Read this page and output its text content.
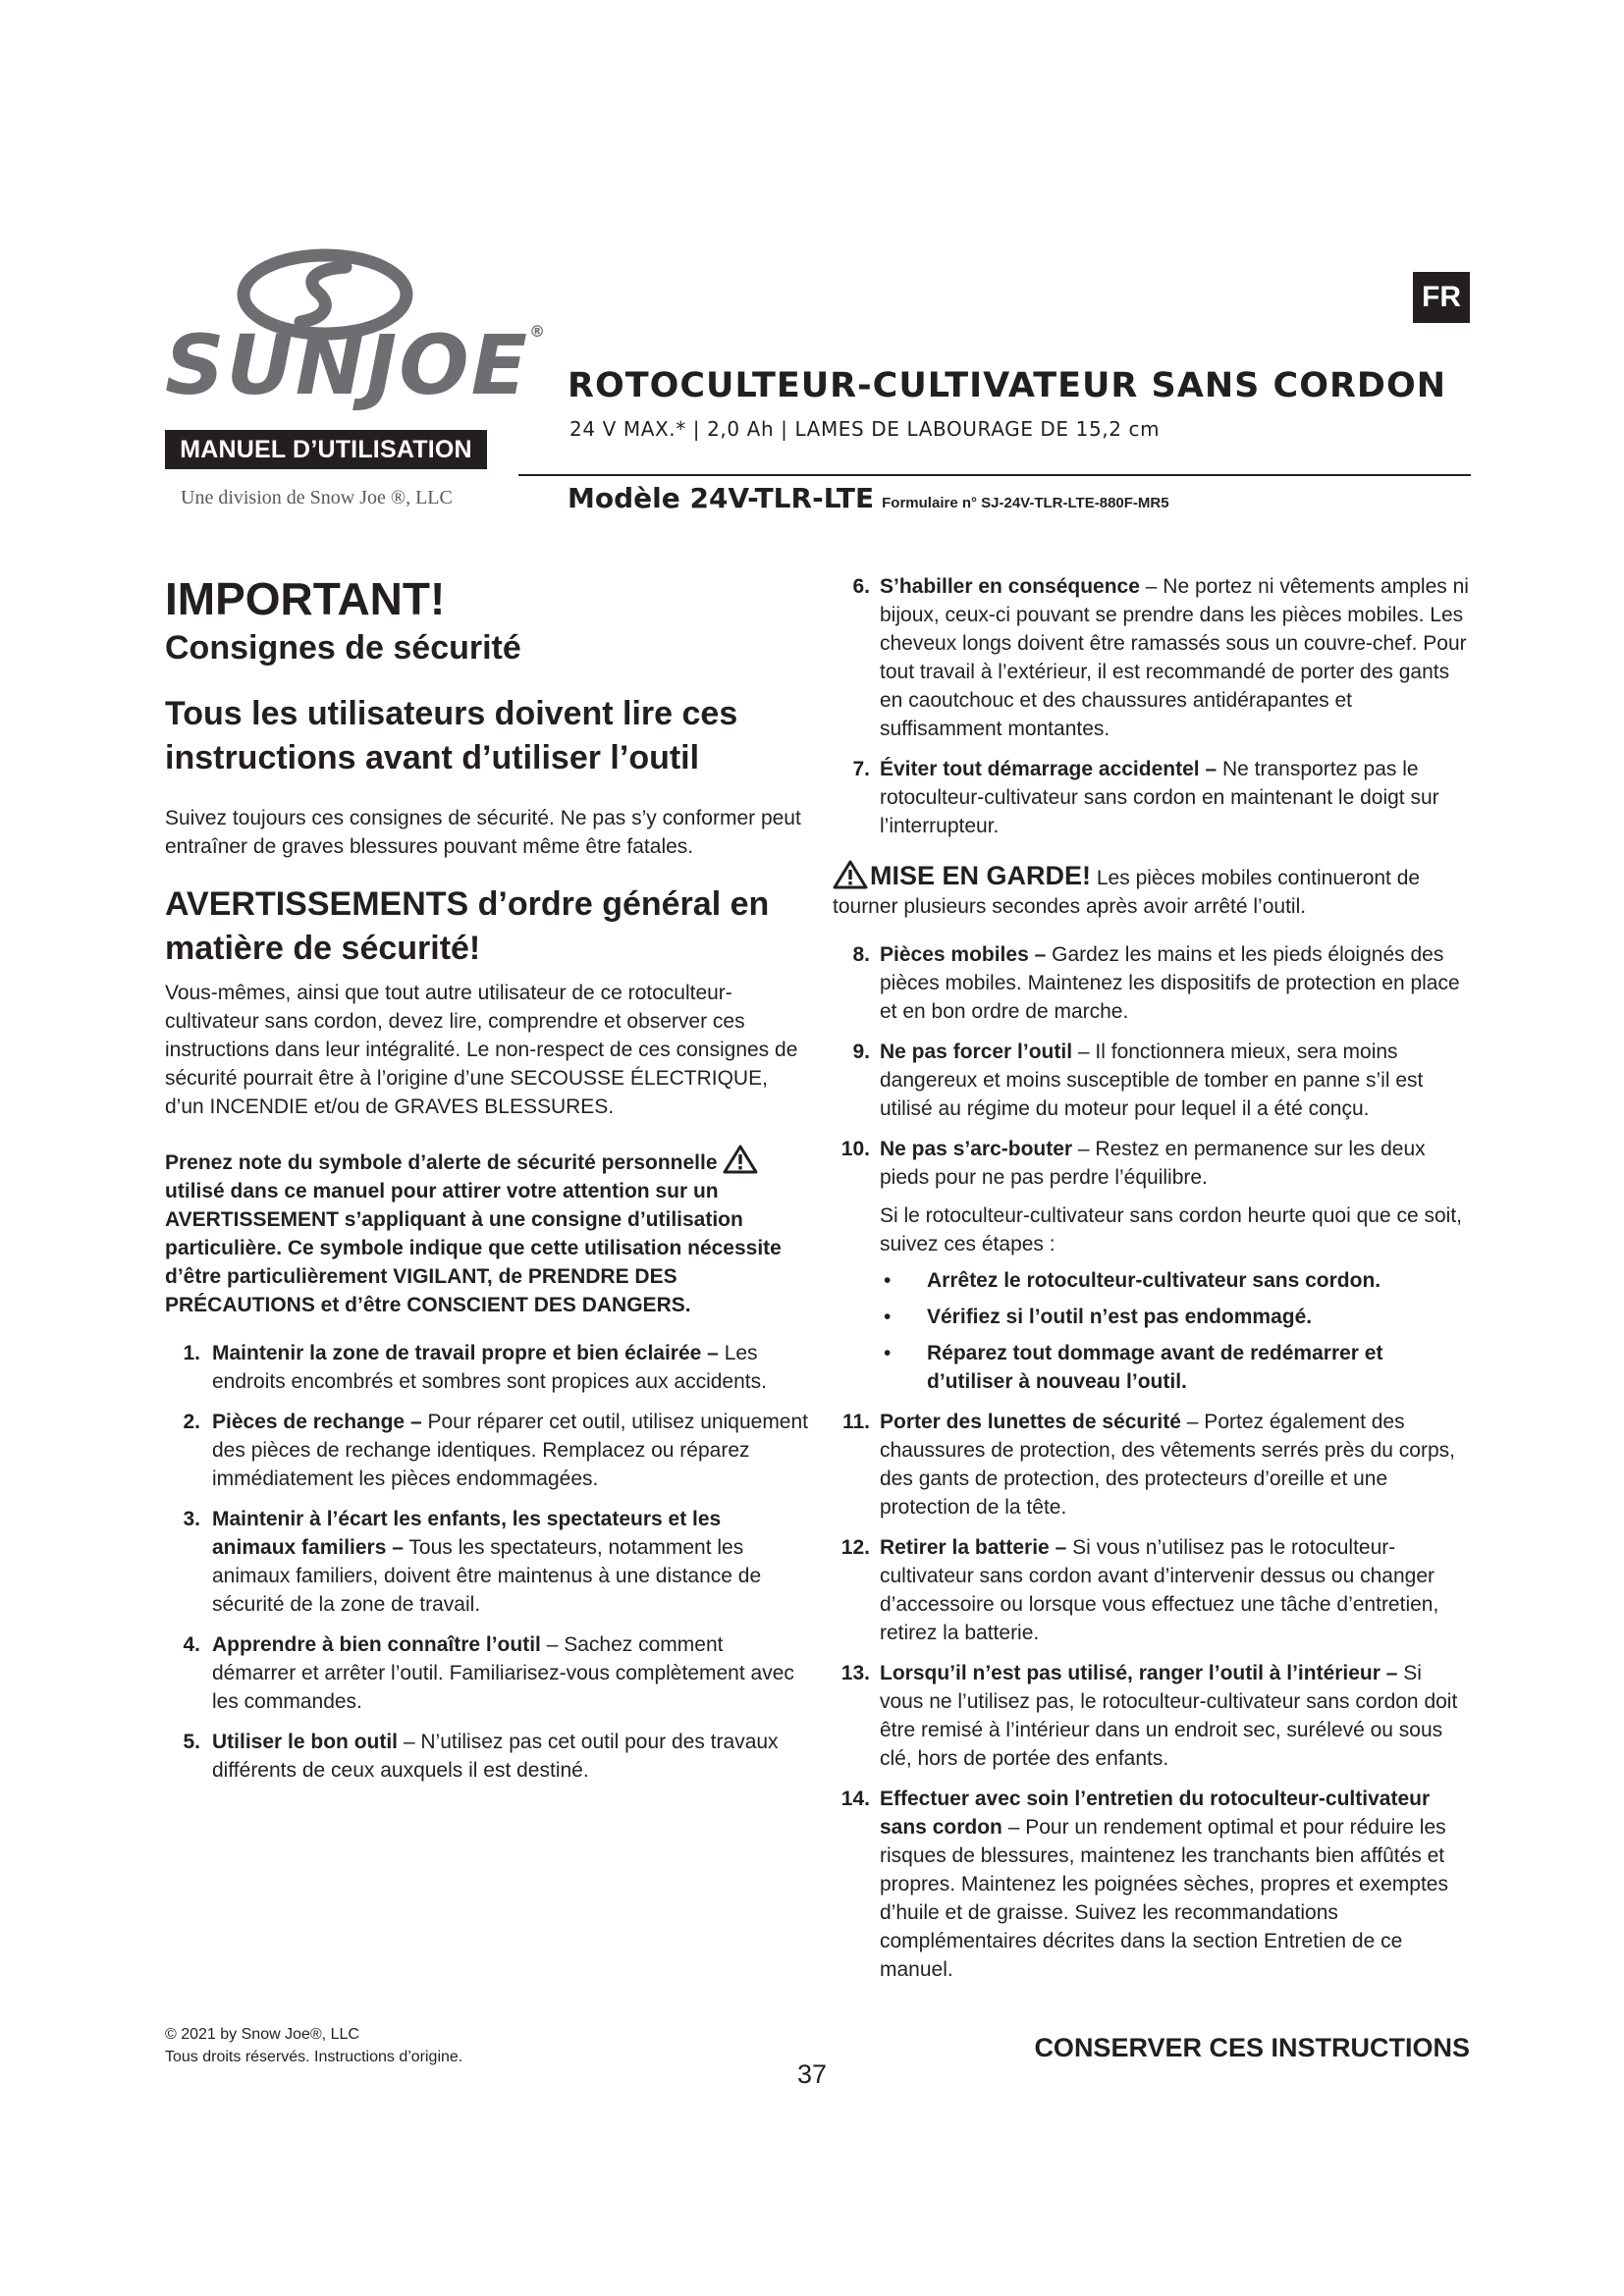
SUNJOE®
MANUEL D’UTILISATION
Une division de Snow Joe ®, LLC
FR
ROTOCULTEUR-CULTIVATEUR SANS CORDON
24 V MAX.* | 2,0 Ah | LAMES DE LABOURAGE DE 15,2 cm
Modèle 24V-TLR-LTE Formulaire n° SJ-24V-TLR-LTE-880F-MR5
IMPORTANT!
Consignes de sécurité
Tous les utilisateurs doivent lire ces instructions avant d’utiliser l’outil

Suivez toujours ces consignes de sécurité. Ne pas s’y conformer peut entraîner de graves blessures pouvant même être fatales.

AVERTISSEMENTS d’ordre général en matière de sécurité!

Vous-mêmes, ainsi que tout autre utilisateur de ce rotoculteur-cultivateur sans cordon, devez lire, comprendre et observer ces instructions dans leur intégralité. Le non-respect de ces consignes de sécurité pourrait être à l’origine d’une SECOUSSE ÉLECTRIQUE, d’un INCENDIE et/ou de GRAVES BLESSURES.

Prenez note du symbole d’alerte de sécurité personnelle  utilisé dans ce manuel pour attirer votre attention sur un AVERTISSEMENT s’appliquant à une consigne d’utilisation particulière. Ce symbole indique que cette utilisation nécessite d’être particulièrement VIGILANT, de PRENDRE DES PRÉCAUTIONS et d’être CONSCIENT DES DANGERS.

1. Maintenir la zone de travail propre et bien éclairée – Les endroits encombrés et sombres sont propices aux accidents.
2. Pièces de rechange – Pour réparer cet outil, utilisez uniquement des pièces de rechange identiques. Remplacez ou réparez immédiatement les pièces endommagées.
3. Maintenir à l’écart les enfants, les spectateurs et les animaux familiers – Tous les spectateurs, notamment les animaux familiers, doivent être maintenus à une distance de sécurité de la zone de travail.
4. Apprendre à bien connaître l’outil – Sachez comment démarrer et arrêter l’outil. Familiarisez-vous complètement avec les commandes.
5. Utiliser le bon outil – N’utilisez pas cet outil pour des travaux différents de ceux auxquels il est destiné.
6. S’habiller en conséquence – Ne portez ni vêtements amples ni bijoux, ceux-ci pouvant se prendre dans les pièces mobiles. Les cheveux longs doivent être ramassés sous un couvre-chef. Pour tout travail à l’extérieur, il est recommandé de porter des gants en caoutchouc et des chaussures antidérapantes et suffisamment montantes.
7. Éviter tout démarrage accidentel – Ne transportez pas le rotoculteur-cultivateur sans cordon en maintenant le doigt sur l’interrupteur.

MISE EN GARDE! Les pièces mobiles continueront de tourner plusieurs secondes après avoir arrêté l’outil.

8. Pièces mobiles – Gardez les mains et les pieds éloignés des pièces mobiles. Maintenez les dispositifs de protection en place et en bon ordre de marche.
9. Ne pas forcer l’outil – Il fonctionnera mieux, sera moins dangereux et moins susceptible de tomber en panne s’il est utilisé au régime du moteur pour lequel il a été conçu.
10. Ne pas s’arc-bouter – Restez en permanence sur les deux pieds pour ne pas perdre l’équilibre.

Si le rotoculteur-cultivateur sans cordon heurte quoi que ce soit, suivez ces étapes :

• Arrêtez le rotoculteur-cultivateur sans cordon.
• Vérifiez si l’outil n’est pas endommagé.
• Réparez tout dommage avant de redémarrer et d’utiliser à nouveau l’outil.
11. Porter des lunettes de sécurité – Portez également des chaussures de protection, des vêtements serrés près du corps, des gants de protection, des protecteurs d’oreille et une protection de la tête.
12. Retirer la batterie – Si vous n’utilisez pas le rotoculteur-cultivateur sans cordon avant d’intervenir dessus ou changer d’accessoire ou lorsque vous effectuez une tâche d’entretien, retirez la batterie.
13. Lorsqu’il n’est pas utilisé, ranger l’outil à l’intérieur – Si vous ne l’utilisez pas, le rotoculteur-cultivateur sans cordon doit être remisé à l’intérieur dans un endroit sec, surélevé ou sous clé, hors de portée des enfants.
14. Effectuer avec soin l’entretien du rotoculteur-cultivateur sans cordon – Pour un rendement optimal et pour réduire les risques de blessures, maintenez les tranchants bien affûtés et propres. Maintenez les poignées sèches, propres et exemptes d’huile et de graisse. Suivez les recommandations complémentaires décrites dans la section Entretien de ce manuel.
© 2021 by Snow Joe®, LLC
Tous droits réservés. Instructions d’origine.	CONSERVER CES INSTRUCTIONS
37
